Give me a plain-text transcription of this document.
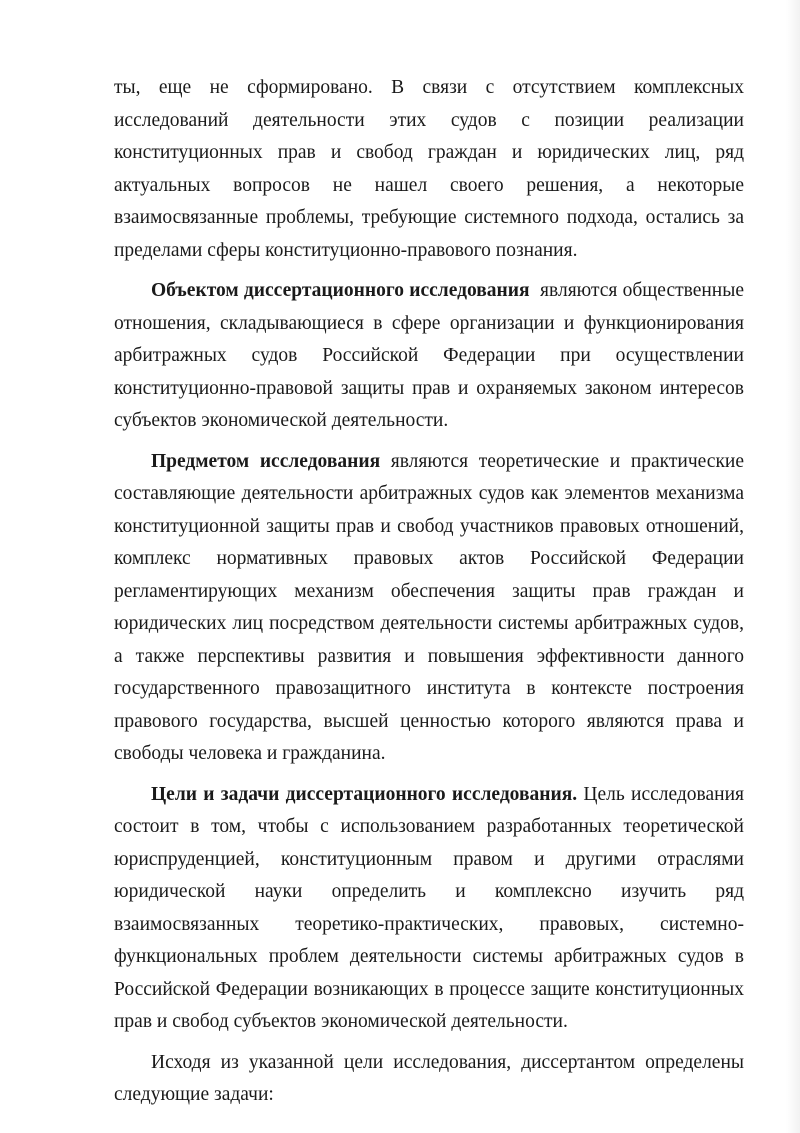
ты, еще не сформировано. В связи с отсутствием комплексных исследований деятельности этих судов с позиции реализации конституционных прав и свобод граждан и юридических лиц, ряд актуальных вопросов не нашел своего решения, а некоторые взаимосвязанные проблемы, требующие системного подхода, остались за пределами сферы конституционно-правового познания.

Объектом диссертационного исследования  являются общественные отношения, складывающиеся в сфере организации и функционирования арбитражных судов Российской Федерации при осуществлении конституционно-правовой защиты прав и охраняемых законом интересов субъектов экономической деятельности.

Предметом исследования являются теоретические и практические составляющие деятельности арбитражных судов как элементов механизма конституционной защиты прав и свобод участников правовых отношений, комплекс нормативных правовых актов Российской Федерации регламентирующих механизм обеспечения защиты прав граждан и юридических лиц посредством деятельности системы арбитражных судов, а также перспективы развития и повышения эффективности данного государственного правозащитного института в контексте построения правового государства, высшей ценностью которого являются права и свободы человека и гражданина.

Цели и задачи диссертационного исследования. Цель исследования состоит в том, чтобы с использованием разработанных теоретической юриспруденцией, конституционным правом и другими отраслями юридической науки определить и комплексно изучить ряд взаимосвязанных теоретико-практических, правовых, системно-функциональных проблем деятельности системы арбитражных судов в Российской Федерации возникающих в процессе защите конституционных прав и свобод субъектов экономической деятельности.

Исходя из указанной цели исследования, диссертантом определены следующие задачи:
